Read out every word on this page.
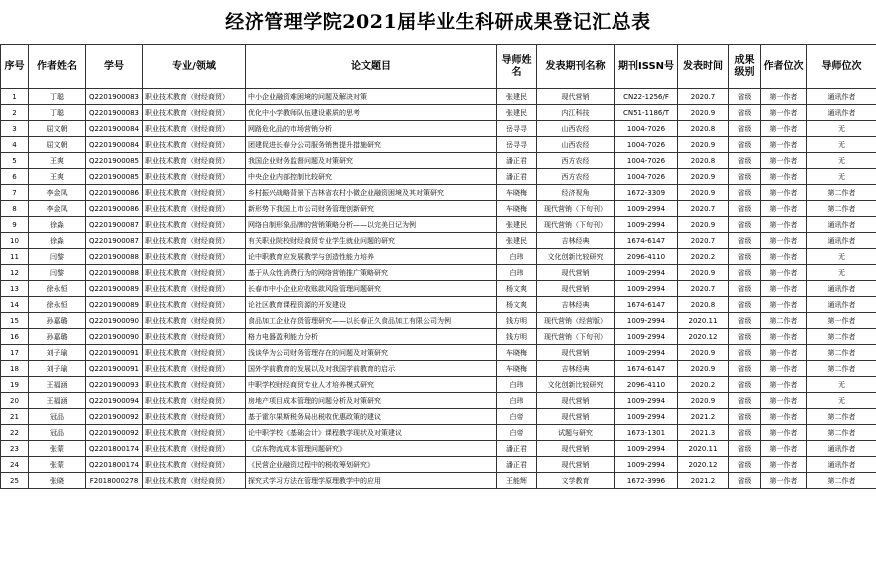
经济管理学院2021届毕业生科研成果登记汇总表
序号	作者姓名	学号	专业/领域	论文题目	导师姓名	发表期刊名称	期刊ISSN号	发表时间	成果级别	作者位次	导师位次
1	丁聪	Q2201900083	职业技术教育（财经商贸）	中小企业融资难困境的问题及解决对策	张建民	现代营销	CN22-1256/F	2020.7	省级	第一作者	通讯作者
2	丁聪	Q2201900083	职业技术教育（财经商贸）	优化中小学教师队伍建设素质的思考	张建民	内江科技	CN51-1186/T	2020.9	省级	第一作者	通讯作者
3	屈文朝	Q2201900084	职业技术教育（财经商贸）	网路危化品的市场营销分析	岳寻寻	山西农经	1004-7026	2020.8	省级	第一作者	无
4	屈文朝	Q2201900084	职业技术教育（财经商贸）	团建促进长春分公司服务销售提升措施研究	岳寻寻	山西农经	1004-7026	2020.9	省级	第一作者	无
5	王爽	Q2201900085	职业技术教育（财经商贸）	我国企业财务监督问题及对策研究	潘正君	西方农经	1004-7026	2020.8	省级	第一作者	无
6	王爽	Q2201900085	职业技术教育（财经商贸）	中央企业内部控制比较研究	潘正君	西方农经	1004-7026	2020.9	省级	第一作者	无
7	李金凤	Q2201900086	职业技术教育（财经商贸）	乡村振兴战略背景下吉林省农村小微企业融资困境及其对策研究	车晓梅	经济视角	1672-3309	2020.9	省级	第一作者	第二作者
8	李金凤	Q2201900086	职业技术教育（财经商贸）	新形势下我国上市公司财务管理创新研究	车晓梅	现代营销（下旬刊）	1009-2994	2020.7	省级	第一作者	第二作者
9	徐淼	Q2201900087	职业技术教育（财经商贸）	网络自制形象品牌的营销策略分析——以完美日记为例	张建民	现代营销（下旬刊）	1009-2994	2020.9	省级	第一作者	通讯作者
10	徐淼	Q2201900087	职业技术教育（财经商贸）	有关职业院校财经商贸专业学生就业问题的研究	张建民	吉林经典	1674-6147	2020.7	省级	第一作者	通讯作者
11	闫黎	Q2201900088	职业技术教育（财经商贸）	论中职教育应发展教学与创造性能力培养	白玮	文化创新比较研究	2096-4110	2020.2	省级	第一作者	无
12	闫黎	Q2201900088	职业技术教育（财经商贸）	基于从众性消费行为的网络营销推广策略研究	白玮	现代营销	1009-2994	2020.9	省级	第一作者	无
13	徐永恒	Q2201900089	职业技术教育（财经商贸）	长春市中小企业应收账款风险管理问题研究	杨文爽	现代营销	1009-2994	2020.7	省级	第一作者	通讯作者
14	徐永恒	Q2201900089	职业技术教育（财经商贸）	论社区教育课程资源的开发建设	杨文爽	吉林经典	1674-6147	2020.8	省级	第一作者	通讯作者
15	孙嘉璐	Q2201900090	职业技术教育（财经商贸）	食品加工企业存货管理研究——以长春正久食品加工有限公司为例	钱方明	现代营销（经营版）	1009-2994	2020.11	省级	第二作者	第一作者
16	孙嘉璐	Q2201900090	职业技术教育（财经商贸）	格力电器盈利能力分析	钱方明	现代营销（下旬刊）	1009-2994	2020.12	省级	第一作者	第二作者
17	刘子瑜	Q2201900091	职业技术教育（财经商贸）	浅谈华为公司财务管理存在的问题及对策研究	车晓梅	现代营销	1009-2994	2020.9	省级	第一作者	第二作者
18	刘子瑜	Q2201900091	职业技术教育（财经商贸）	国外学前教育的发展以及对我国学前教育的启示	车晓梅	吉林经典	1674-6147	2020.9	省级	第一作者	第二作者
19	王福涵	Q2201900093	职业技术教育（财经商贸）	中职学校财经商贸专业人才培养模式研究	白玮	文化创新比较研究	2096-4110	2020.2	省级	第一作者	无
20	王福涵	Q2201900094	职业技术教育（财经商贸）	房地产项目成本管理的问题分析及对策研究	白玮	现代营销	1009-2994	2020.9	省级	第一作者	无
21	冠品	Q2201900092	职业技术教育（财经商贸）	基于霍尔果斯税务局出税收优惠政策的建议	白帝	现代营销	1009-2994	2021.2	省级	第一作者	第二作者
22	冠品	Q2201900092	职业技术教育（财经商贸）	论中职学校《基础会计》课程教学现状及对策建议	白帝	试题与研究	1673-1301	2021.3	省级	第一作者	第二作者
23	张蒙	Q2201800174	职业技术教育（财经商贸）	《京东物流成本管理问题研究》	潘正君	现代营销	1009-2994	2020.11	省级	第一作者	通讯作者
24	张蒙	Q2201800174	职业技术教育（财经商贸）	《民营企业融资过程中的税收筹划研究》	潘正君	现代营销	1009-2994	2020.12	省级	第一作者	通讯作者
25	张晓	F2018000278	职业技术教育（财经商贸）	探究式学习方法在管理学原理教学中的应用	王能辉	文学教育	1672-3996	2021.2	省级	第一作者	第二作者
